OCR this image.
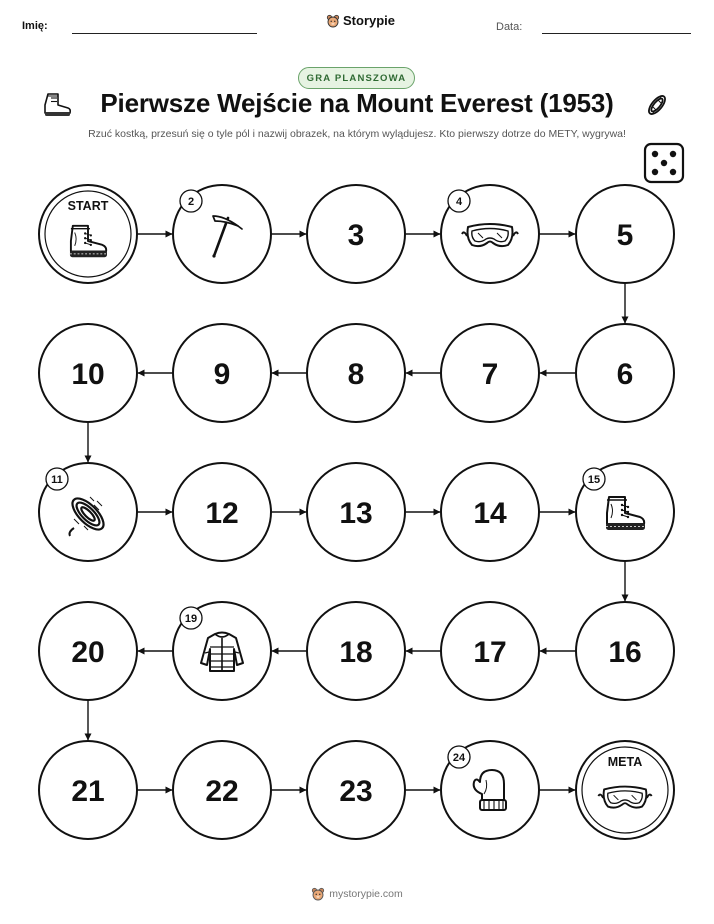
Imię:	Storypie	Data:
GRA PLANSZOWA
Pierwsze Wejście na Mount Everest (1953)
Rzuć kostką, przesuń się o tyle pól i nazwij obrazek, na którym wylądujesz. Kto pierwszy dotrze do METY, wygrywa!
START	2
3
4
5
6
7
8
9
10
11
12	13	14
15
16
17
18
19
20
21	22	23
24	META
mystorypie.com
